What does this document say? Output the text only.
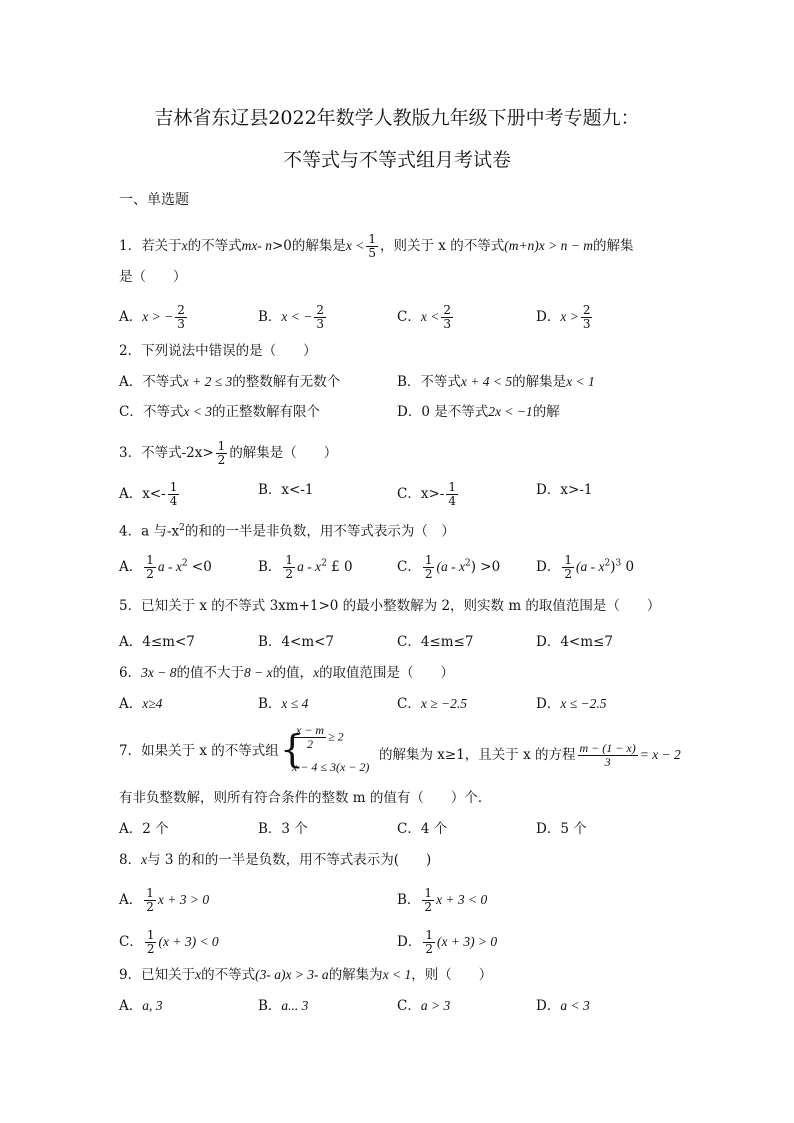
吉林省东辽县2022年数学人教版九年级下册中考专题九：
不等式与不等式组月考试卷
一、单选题
1．若关于x的不等式mx- n>0的解集是$x < \frac{1}{5}$ ，则关于 x 的不等式(m+n)x > n − m的解集
是（　　）
A．x > − $\frac{2}{3}$	B．x < − $\frac{2}{3}$	C．$x < \frac{2}{3}$	D．$x > \frac{2}{3}$
2．下列说法中错误的是（　　）
A．不等式x + 2 ≤ 3的整数解有无数个	B．不等式x + 4 < 5的解集是x < 1
C．不等式x < 3的正整数解有限个	D．0 是不等式2x < −1的解
3．不等式$-2x> \frac{1}{2}$ 的解集是（　　）
A．$x<- \frac{1}{4}$	B．x<-1	C．$x>- \frac{1}{4}$	D．x>-1
4．a 与$-x^2$的和的一半是非负数，用不等式表示为（　）
A． $\frac{1}{2}$ $a - x^2 <0$	B． $\frac{1}{2}$ a - $x^2$ £ 0	C． $\frac{1}{2} (a - x^2) >0$	D． $\frac{1}{2} (a - x^2)^3$ 0
5．已知关于 x 的不等式 3xm+1>0 的最小整数解为 2，则实数 m 的取值范围是（　　）
A．4≤m<7	B．4<m<7	C．4≤m≤7	D．4<m≤7
6．3x − 8的值不大于8 − x的值，x的取值范围是（　　）
A．x≥4	B．x ≤ 4	C．x ≥ −2.5	D．x ≤ −2.5
7．如果关于 x 的不等式组 {
$\frac{x - m}{2} \ge 2$
x − 4 ≤ 3(x − 2)
的解集为 x≥1，且关于 x 的方程 $\frac{m - (1 - x)}{3} = x - 2$
有非负整数解，则所有符合条件的整数 m 的值有（　　）个．
A．2 个	B．3 个	C．4 个	D．5 个
8．x与 3 的和的一半是负数，用不等式表示为(　　)
A． $\frac{1}{2}$ x + 3 > 0	B． $\frac{1}{2}$ x + 3 < 0
C． $\frac{1}{2} (x + 3) < 0$	D． $\frac{1}{2} (x + 3) > 0$
9．已知关于x的不等式(3- a)x > 3- a的解集为x < 1，则（　　）
A．a, 3	B．a... 3	C．a > 3	D．a < 3
